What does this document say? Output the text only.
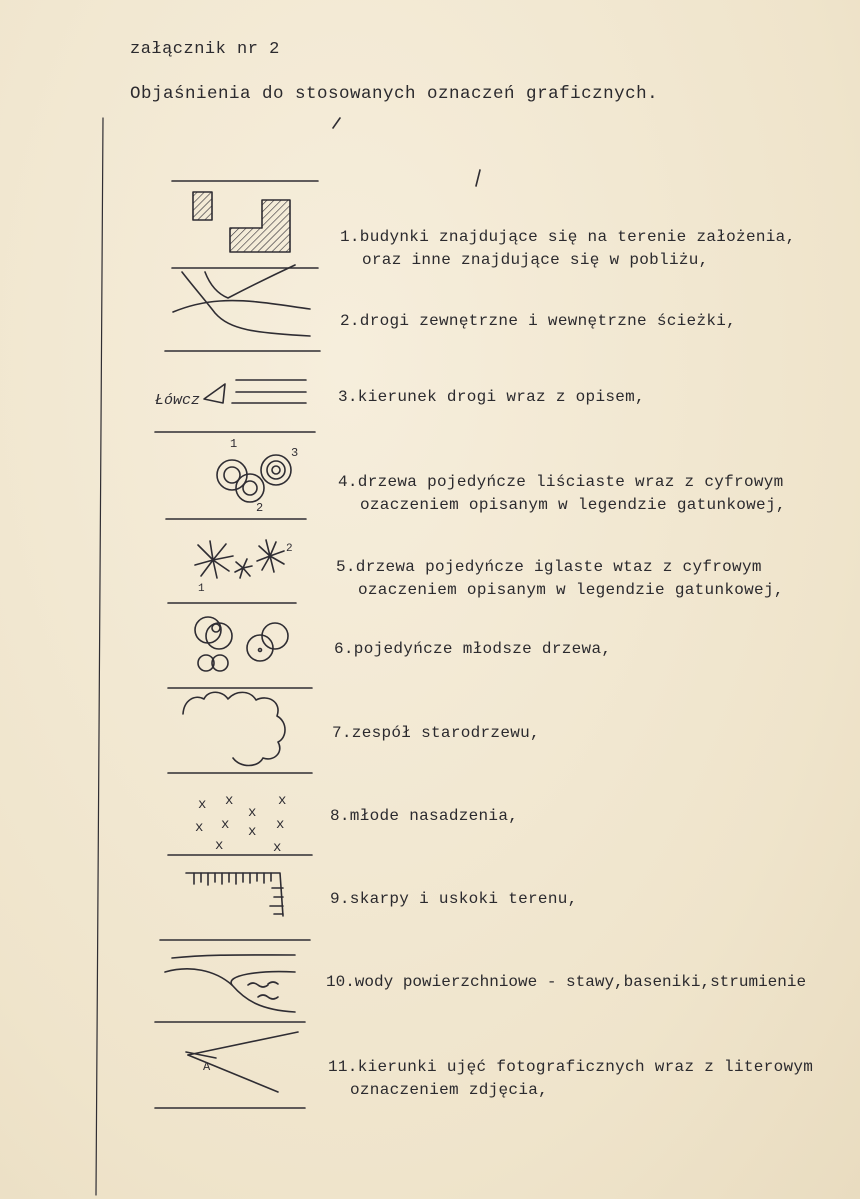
załącznik nr 2
Objaśnienia do stosowanych oznaczeń graficznych.
Łówcz
1
2
3
1
2
x x	x
x
x x	x
x
x	x
A
1.budynki znajdujące się na terenie założenia,
oraz inne znajdujące się w pobliżu,
2.drogi zewnętrzne i wewnętrzne ścieżki,
3.kierunek drogi wraz z opisem,
4.drzewa pojedyńcze liściaste wraz z cyfrowym
ozaczeniem opisanym w legendzie gatunkowej,
5.drzewa pojedyńcze iglaste wtaz z cyfrowym
ozaczeniem opisanym w legendzie gatunkowej,
6.pojedyńcze młodsze drzewa,
7.zespół starodrzewu,
8.młode nasadzenia,
9.skarpy i uskoki terenu,
10.wody powierzchniowe - stawy,baseniki,strumienie
11.kierunki ujęć fotograficznych wraz z literowym
oznaczeniem zdjęcia,
